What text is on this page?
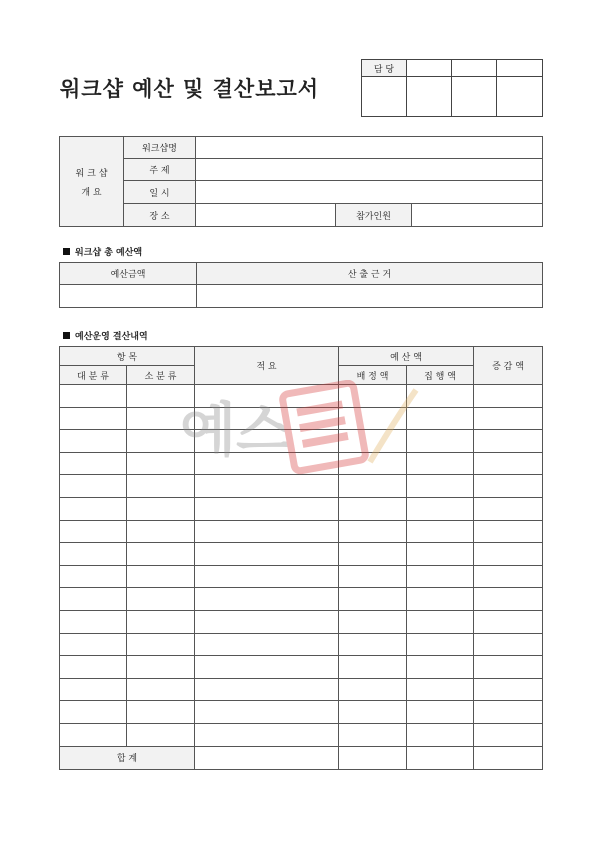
워크샵 예산 및 결산보고서
담 당			

워 크 샵
개 요	워크샵명			
	주 제			
	일 시			
	장 소		참가인원	
워크샵 총 예산액
예산금액	산 출 근 거

예산운영 결산내역
항 목		적 요	예 산 액		증 감 액
대 분 류	소 분 류		배 정 액	집 행 액	

합 계					
예스
